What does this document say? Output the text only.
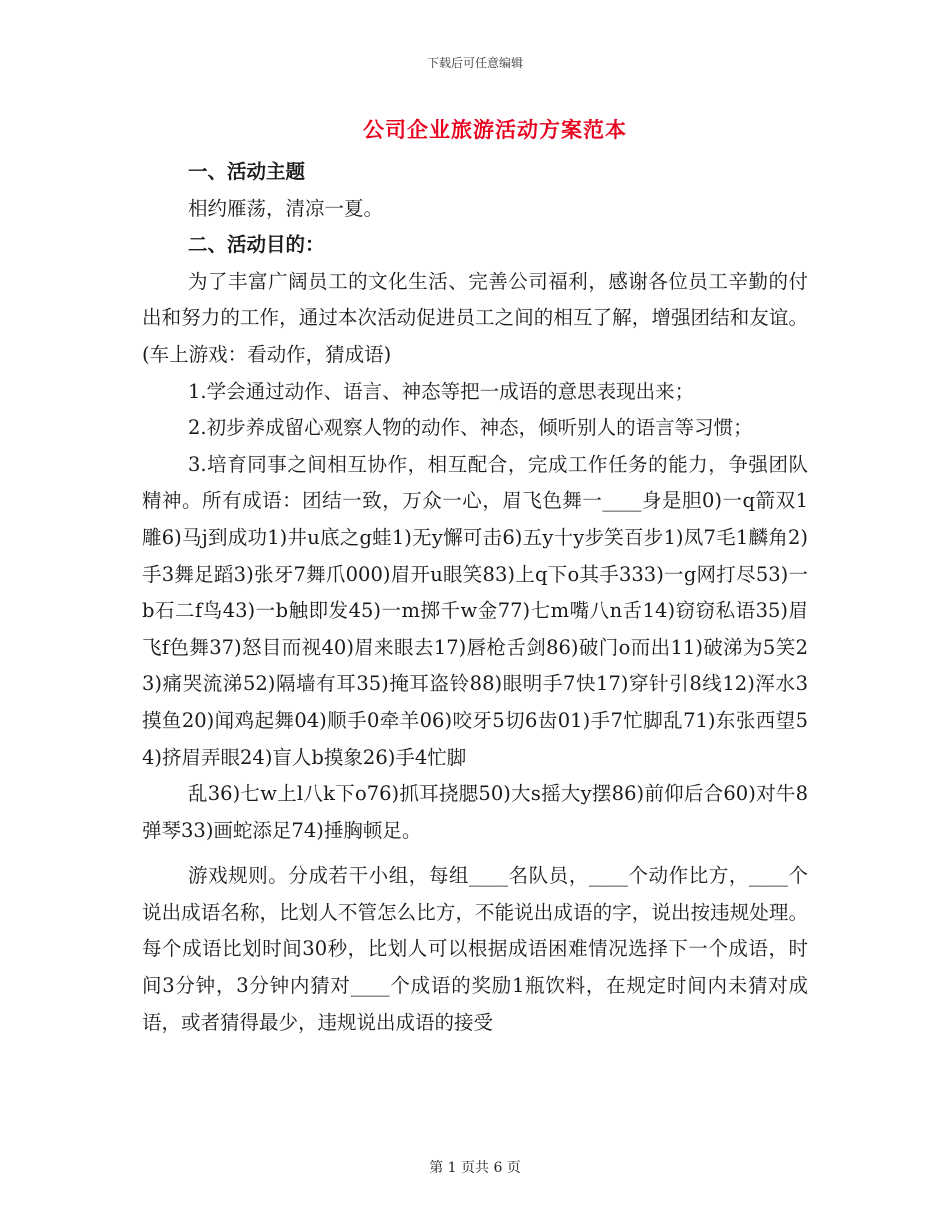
下载后可任意编辑
公司企业旅游活动方案范本

一、活动主题

相约雁荡，清凉一夏。

二、活动目的：

为了丰富广阔员工的文化生活、完善公司福利，感谢各位员工辛勤的付出和努力的工作，通过本次活动促进员工之间的相互了解，增强团结和友谊。(车上游戏：看动作，猜成语)

1.学会通过动作、语言、神态等把一成语的意思表现出来；

2.初步养成留心观察人物的动作、神态，倾听别人的语言等习惯；

3.培育同事之间相互协作，相互配合，完成工作任务的能力，争强团队精神。所有成语：团结一致，万众一心，眉飞色舞一____身是胆0)一q箭双1雕6)马j到成功1)井u底之g蛙1)无y懈可击6)五y十y步笑百步1)凤7毛1麟角2)手3舞足蹈3)张牙7舞爪000)眉开u眼笑83)上q下o其手333)一g网打尽53)一b石二f鸟43)一b触即发45)一m掷千w金77)七m嘴八n舌14)窃窃私语35)眉飞f色舞37)怒目而视40)眉来眼去17)唇枪舌剑86)破门o而出11)破涕为5笑23)痛哭流涕52)隔墙有耳35)掩耳盗铃88)眼明手7快17)穿针引8线12)浑水3摸鱼20)闻鸡起舞04)顺手0牵羊06)咬牙5切6齿01)手7忙脚乱71)东张西望54)挤眉弄眼24)盲人b摸象26)手4忙脚

乱36)七w上l八k下o76)抓耳挠腮50)大s摇大y摆86)前仰后合60)对牛8弹琴33)画蛇添足74)捶胸顿足。

游戏规则。分成若干小组，每组____名队员，____个动作比方，____个说出成语名称，比划人不管怎么比方，不能说出成语的字，说出按违规处理。每个成语比划时间30秒，比划人可以根据成语困难情况选择下一个成语，时间3分钟，3分钟内猜对____个成语的奖励1瓶饮料，在规定时间内未猜对成语，或者猜得最少，违规说出成语的接受

第 1 页共 6 页
